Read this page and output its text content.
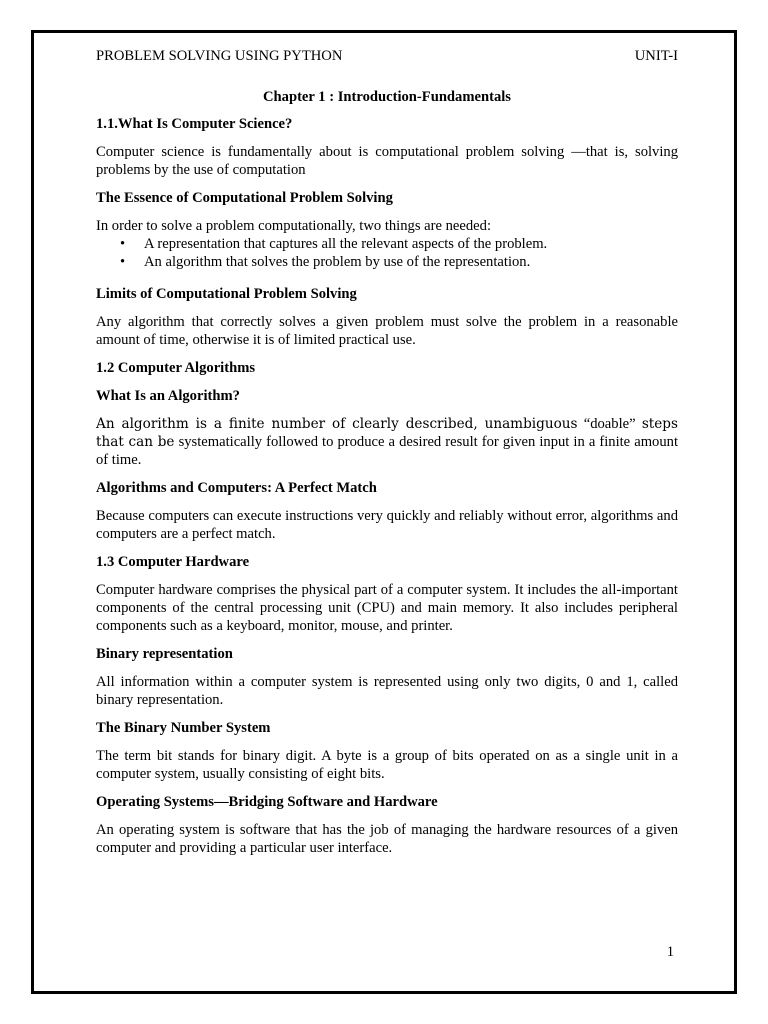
PROBLEM SOLVING USING PYTHON	UNIT-I
Chapter 1 : Introduction-Fundamentals
1.1.What Is Computer Science?

Computer science is fundamentally about is computational problem solving —that is, solving problems by the use of computation

The Essence of Computational Problem Solving

In order to solve a problem computationally, two things are needed:

• A representation that captures all the relevant aspects of the problem.
• An algorithm that solves the problem by use of the representation.
Limits of Computational Problem Solving

Any algorithm that correctly solves a given problem must solve the problem in a reasonable amount of time, otherwise it is of limited practical use.

1.2 Computer Algorithms
What Is an Algorithm?

An algorithm is a finite number of clearly described, unambiguous “doable” steps that can be systematically followed to produce a desired result for given input in a finite amount of time.

Algorithms and Computers: A Perfect Match

Because computers can execute instructions very quickly and reliably without error, algorithms and computers are a perfect match.

1.3 Computer Hardware

Computer hardware comprises the physical part of a computer system. It includes the all-important components of the central processing unit (CPU) and main memory. It also includes peripheral components such as a keyboard, monitor, mouse, and printer.

Binary representation

All information within a computer system is represented using only two digits, 0 and 1, called binary representation.

The Binary Number System

The term bit stands for binary digit. A byte is a group of bits operated on as a single unit in a computer system, usually consisting of eight bits.

Operating Systems—Bridging Software and Hardware

An operating system is software that has the job of managing the hardware resources of a given computer and providing a particular user interface.

1
